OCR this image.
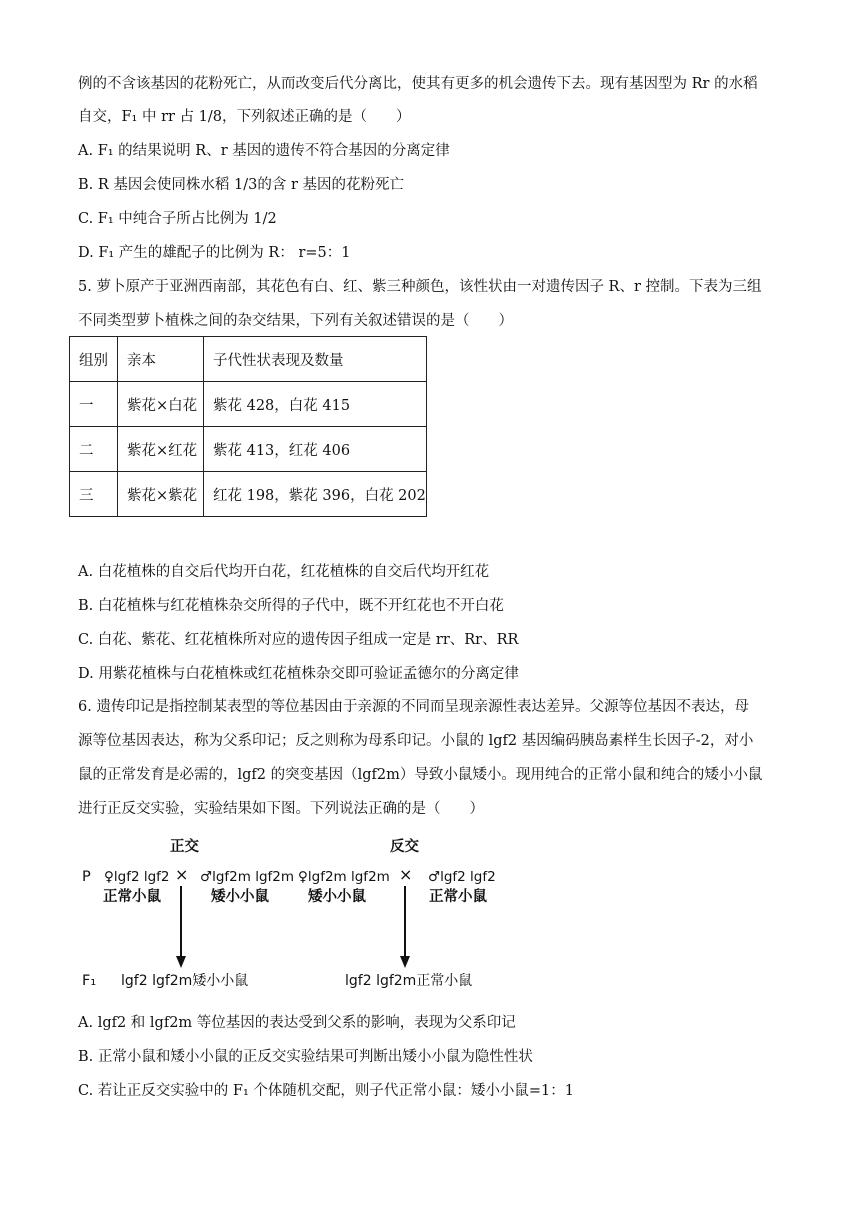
例的不含该基因的花粉死亡，从而改变后代分离比，使其有更多的机会遗传下去。现有基因型为 Rr 的水稻
自交，F₁ 中 rr 占 1/8，下列叙述正确的是（　　）
A. F₁ 的结果说明 R、r 基因的遗传不符合基因的分离定律
B. R 基因会使同株水稻 1/3的含 r 基因的花粉死亡
C. F₁ 中纯合子所占比例为 1/2
D. F₁ 产生的雄配子的比例为 R： r=5：1
5. 萝卜原产于亚洲西南部，其花色有白、红、紫三种颜色，该性状由一对遗传因子 R、r 控制。下表为三组
不同类型萝卜植株之间的杂交结果，下列有关叙述错误的是（　　）
组别	亲本	子代性状表现及数量
一	紫花×白花	紫花 428，白花 415
二	紫花×红花	紫花 413，红花 406
三	紫花×紫花	红花 198，紫花 396，白花 202
A. 白花植株的自交后代均开白花，红花植株的自交后代均开红花
B. 白花植株与红花植株杂交所得的子代中，既不开红花也不开白花
C. 白花、紫花、红花植株所对应的遗传因子组成一定是 rr、Rr、RR
D. 用紫花植株与白花植株或红花植株杂交即可验证孟德尔的分离定律
6. 遗传印记是指控制某表型的等位基因由于亲源的不同而呈现亲源性表达差异。父源等位基因不表达，母
源等位基因表达，称为父系印记；反之则称为母系印记。小鼠的 lgf2 基因编码胰岛素样生长因子-2，对小
鼠的正常发育是必需的，lgf2 的突变基因（lgf2m）导致小鼠矮小。现用纯合的正常小鼠和纯合的矮小小鼠
进行正反交实验，实验结果如下图。下列说法正确的是（　　）
正交	反交
P ♀lgf2 lgf2
正常小鼠
× ♂lgf2m lgf2m
矮小小鼠
♀lgf2m lgf2m
矮小小鼠
× ♂lgf2 lgf2
正常小鼠
F₁ lgf2 lgf2m矮小小鼠	lgf2 lgf2m正常小鼠
A. lgf2 和 lgf2m 等位基因的表达受到父系的影响，表现为父系印记
B. 正常小鼠和矮小小鼠的正反交实验结果可判断出矮小小鼠为隐性性状
C. 若让正反交实验中的 F₁ 个体随机交配，则子代正常小鼠：矮小小鼠=1：1
